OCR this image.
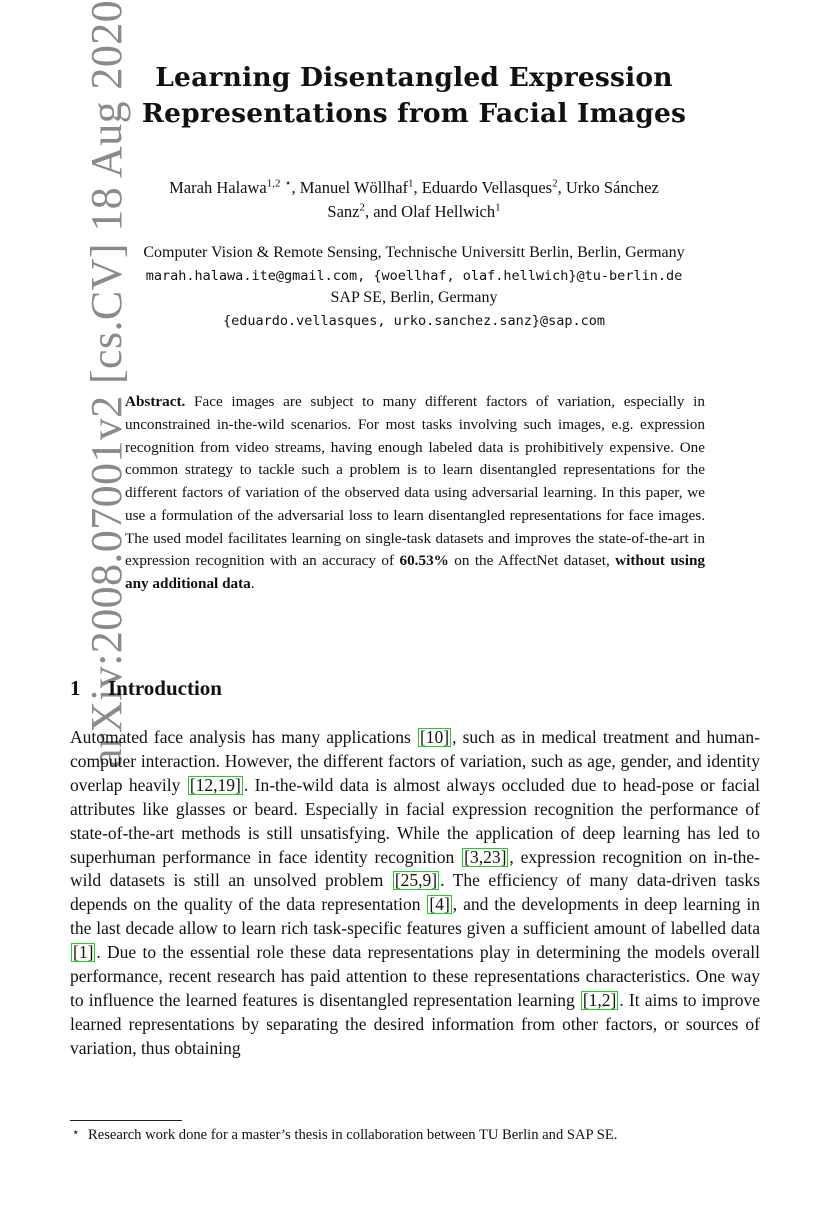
arXiv:2008.07001v2 [cs.CV] 18 Aug 2020 Learning Disentangled Expression
Representations from Facial Images
Marah Halawa$^{1,2}$ ⋆, Manuel Wöllhaf$^1$, Eduardo Vellasques$^2$, Urko Sánchez
Sanz$^2$, and Olaf Hellwich$^1$
Computer Vision & Remote Sensing, Technische Universitt Berlin, Berlin, Germany
marah.halawa.ite@gmail.com, {woellhaf, olaf.hellwich}@tu-berlin.de
SAP SE, Berlin, Germany
{eduardo.vellasques, urko.sanchez.sanz}@sap.com
Abstract. Face images are subject to many different factors of variation, especially in unconstrained in-the-wild scenarios. For most tasks involving such images, e.g. expression recognition from video streams, having enough labeled data is prohibitively expensive. One common strategy to tackle such a problem is to learn disentangled representations for the different factors of variation of the observed data using adversarial learning. In this paper, we use a formulation of the adversarial loss to learn disentangled representations for face images. The used model facilitates learning on single-task datasets and improves the state-of-the-art in expression recognition with an accuracy of 60.53% on the AffectNet dataset, without using any additional data.
1 Introduction
Automated face analysis has many applications [10] , such as in medical treatment and human-computer interaction. However, the different factors of variation, such as age, gender, and identity overlap heavily [12,19] . In-the-wild data is almost always occluded due to head-pose or facial attributes like glasses or beard. Especially in facial expression recognition the performance of state-of-the-art methods is still unsatisfying. While the application of deep learning has led to superhuman performance in face identity recognition [3,23] , expression recognition on in-the-wild datasets is still an unsolved problem [25,9] . The efficiency of many data-driven tasks depends on the quality of the data representation [4] , and the developments in deep learning in the last decade allow to learn rich task-specific features given a sufficient amount of labelled data [1] . Due to the essential role these data representations play in determining the models overall performance, recent research has paid attention to these representations characteristics. One way to influence the learned features is disentangled representation learning [1,2] . It aims to improve learned representations by separating the desired information from other factors, or sources of variation, thus obtaining
⋆ Research work done for a master’s thesis in collaboration between TU Berlin and SAP SE.
